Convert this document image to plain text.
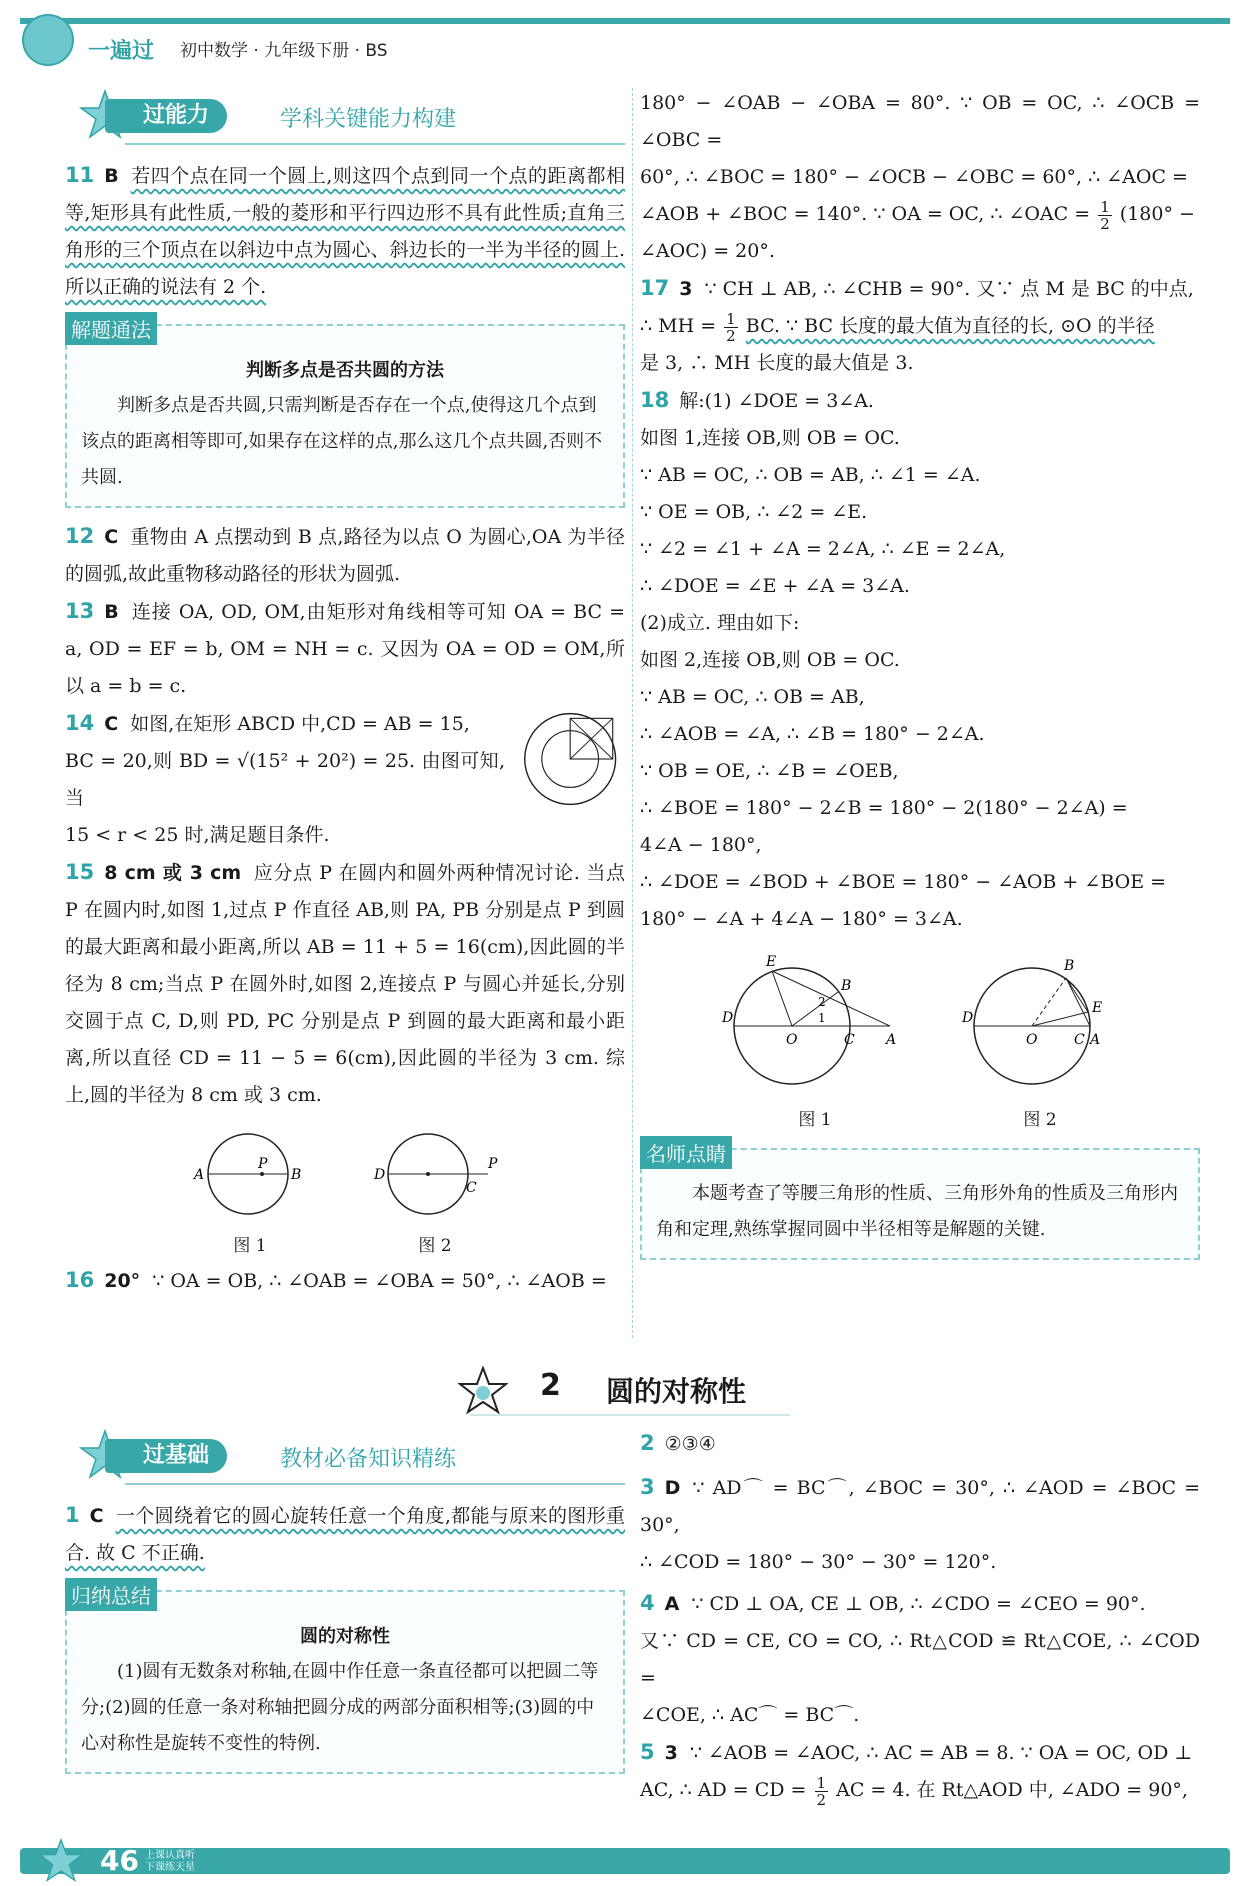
一遍过 初中数学 · 九年级下册 · BS
过能力	学科关键能力构建

11 B 若四个点在同一个圆上,则这四个点到同一个点的距离都相等,矩形具有此性质,一般的菱形和平行四边形不具有此性质;直角三角形的三个顶点在以斜边中点为圆心、斜边长的一半为半径的圆上. 所以正确的说法有 2 个.

解题通法
判断多点是否共圆的方法

判断多点是否共圆,只需判断是否存在一个点,使得这几个点到该点的距离相等即可,如果存在这样的点,那么这几个点共圆,否则不共圆.

12 C 重物由 A 点摆动到 B 点,路径为以点 O 为圆心,OA 为半径的圆弧,故此重物移动路径的形状为圆弧.

13 B 连接 OA, OD, OM,由矩形对角线相等可知 OA = BC = a, OD = EF = b, OM = NH = c. 又因为 OA = OD = OM,所以 a = b = c.

14 C 如图,在矩形 ABCD 中,CD = AB = 15,

BC = 20,则 BD = √(15² + 20²) = 25. 由图可知,当

15 < r < 25 时,满足题目条件.

15 8 cm 或 3 cm 应分点 P 在圆内和圆外两种情况讨论. 当点 P 在圆内时,如图 1,过点 P 作直径 AB,则 PA, PB 分别是点 P 到圆的最大距离和最小距离,所以 AB = 11 + 5 = 16(cm),因此圆的半径为 8 cm;当点 P 在圆外时,如图 2,连接点 P 与圆心并延长,分别交圆于点 C, D,则 PD, PC 分别是点 P 到圆的最大距离和最小距离,所以直径 CD = 11 − 5 = 6(cm),因此圆的半径为 3 cm. 综上,圆的半径为 8 cm 或 3 cm.

A	B
P
图 1
D
C
P
图 2

16 20° ∵ OA = OB, ∴ ∠OAB = ∠OBA = 50°, ∴ ∠AOB =

180° − ∠OAB − ∠OBA = 80°. ∵ OB = OC, ∴ ∠OCB = ∠OBC =

60°, ∴ ∠BOC = 180° − ∠OCB − ∠OBC = 60°, ∴ ∠AOC =

∠AOB + ∠BOC = 140°. ∵ OA = OC, ∴ ∠OAC = $\frac{1}{2} (180^\circ$ −

∠AOC) = 20°.

17 3 ∵ CH ⊥ AB, ∴ ∠CHB = 90°. 又∵ 点 M 是 BC 的中点,

∴ MH = $\frac{1}{2}$ BC. ∵ BC 长度的最大值为直径的长, ⊙O 的半径

是 3, ∴ MH 长度的最大值是 3.

18 解:(1) ∠DOE = 3∠A.

如图 1,连接 OB,则 OB = OC.

∵ AB = OC, ∴ OB = AB, ∴ ∠1 = ∠A.

∵ OE = OB, ∴ ∠2 = ∠E.

∵ ∠2 = ∠1 + ∠A = 2∠A, ∴ ∠E = 2∠A,

∴ ∠DOE = ∠E + ∠A = 3∠A.

(2)成立. 理由如下:

如图 2,连接 OB,则 OB = OC.

∵ AB = OC, ∴ OB = AB,

∴ ∠AOB = ∠A, ∴ ∠B = 180° − 2∠A.

∵ OB = OE, ∴ ∠B = ∠OEB,

∴ ∠BOE = 180° − 2∠B = 180° − 2(180° − 2∠A) =

4∠A − 180°,

∴ ∠DOE = ∠BOD + ∠BOE = 180° − ∠AOB + ∠BOE =

180° − ∠A + 4∠A − 180° = 3∠A.

E
B
D
O	C A
2
1
图 1
B
E
D
O	C A
图 2
名师点睛

本题考查了等腰三角形的性质、三角形外角的性质及三角形内角和定理,熟练掌握同圆中半径相等是解题的关键.

2 圆的对称性
过基础	教材必备知识精练

1 C 一个圆绕着它的圆心旋转任意一个角度,都能与原来的图形重合. 故 C 不正确.

归纳总结
圆的对称性

(1)圆有无数条对称轴,在圆中作任意一条直径都可以把圆二等分;(2)圆的任意一条对称轴把圆分成的两部分面积相等;(3)圆的中心对称性是旋转不变性的特例.

2 ②③④

3 D ∵ AD⌒ = BC⌒, ∠BOC = 30°, ∴ ∠AOD = ∠BOC = 30°,

∴ ∠COD = 180° − 30° − 30° = 120°.

4 A ∵ CD ⊥ OA, CE ⊥ OB, ∴ ∠CDO = ∠CEO = 90°.

又∵ CD = CE, CO = CO, ∴ Rt△COD ≌ Rt△COE, ∴ ∠COD =

∠COE, ∴ AC⌒ = BC⌒.

5 3 ∵ ∠AOB = ∠AOC, ∴ AC = AB = 8. ∵ OA = OC, OD ⊥

AC, ∴ AD = CD = $\frac{1}{2}$ AC = 4. 在 Rt△AOD 中, ∠ADO = 90°,

46 上课认真听
下课练天星
